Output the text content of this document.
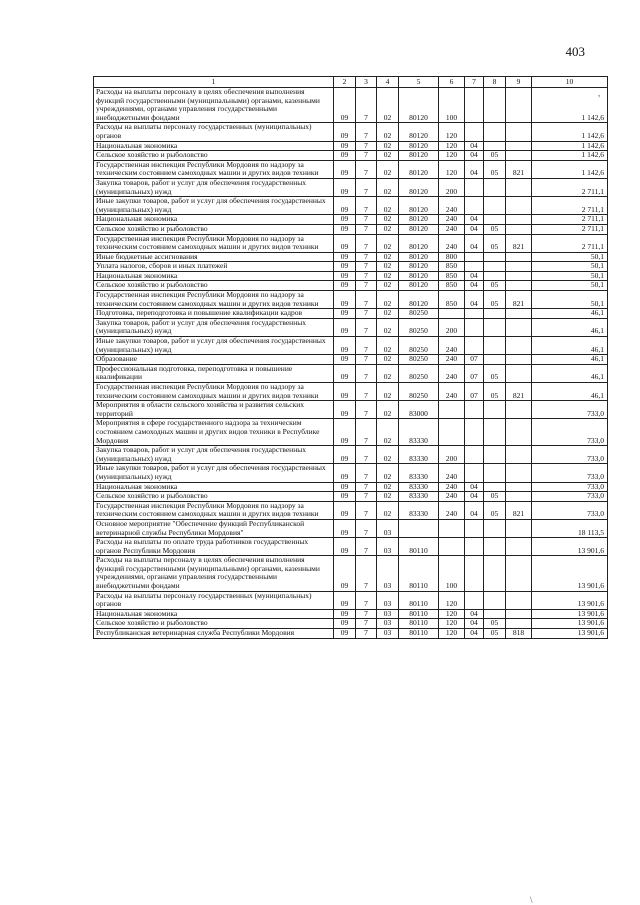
403
,
\
1	2	3	4	5	6	7	8	9	10
Расходы на выплаты персоналу в целях обеспечения выполнения функций государственными (муниципальными) органами, казенными учреждениями, органами управления государственными внебюджетными фондами	09	7	02	80120	100				1 142,6
Расходы на выплаты персоналу государственных (муниципальных) органов	09	7	02	80120	120				1 142,6
Национальная экономика	09	7	02	80120	120	04			1 142,6
Сельское хозяйство и рыболовство	09	7	02	80120	120	04	05		1 142,6
Государственная инспекция Республики Мордовия по надзору за техническим состоянием самоходных машин и других видов техники	09	7	02	80120	120	04	05	821	1 142,6
Закупка товаров, работ и услуг для обеспечения государственных (муниципальных) нужд	09	7	02	80120	200				2 711,1
Иные закупки товаров, работ и услуг для обеспечения государственных (муниципальных) нужд	09	7	02	80120	240				2 711,1
Национальная экономика	09	7	02	80120	240	04			2 711,1
Сельское хозяйство и рыболовство	09	7	02	80120	240	04	05		2 711,1
Государственная инспекция Республики Мордовия по надзору за техническим состоянием самоходных машин и других видов техники	09	7	02	80120	240	04	05	821	2 711,1
Иные бюджетные ассигнования	09	7	02	80120	800				50,1
Уплата налогов, сборов и иных платежей	09	7	02	80120	850				50,1
Национальная экономика	09	7	02	80120	850	04			50,1
Сельское хозяйство и рыболовство	09	7	02	80120	850	04	05		50,1
Государственная инспекция Республики Мордовия по надзору за техническим состоянием самоходных машин и других видов техники	09	7	02	80120	850	04	05	821	50,1
Подготовка, переподготовка и повышение квалификации кадров	09	7	02	80250					46,1
Закупка товаров, работ и услуг для обеспечения государственных (муниципальных) нужд	09	7	02	80250	200				46,1
Иные закупки товаров, работ и услуг для обеспечения государственных (муниципальных) нужд	09	7	02	80250	240				46,1
Образование	09	7	02	80250	240	07			46,1
Профессиональная подготовка, переподготовка и повышение квалификации	09	7	02	80250	240	07	05		46,1
Государственная инспекция Республики Мордовия по надзору за техническим состоянием самоходных машин и других видов техники	09	7	02	80250	240	07	05	821	46,1
Мероприятия в области сельского хозяйства и развития сельских территорий	09	7	02	83000					733,0
Мероприятия в сфере государственного надзора за техническим состоянием самоходных машин и других видов техники в Республике Мордовия	09	7	02	83330					733,0
Закупка товаров, работ и услуг для обеспечения государственных (муниципальных) нужд	09	7	02	83330	200				733,0
Иные закупки товаров, работ и услуг для обеспечения государственных (муниципальных) нужд	09	7	02	83330	240				733,0
Национальная экономика	09	7	02	83330	240	04			733,0
Сельское хозяйство и рыболовство	09	7	02	83330	240	04	05		733,0
Государственная инспекция Республики Мордовия по надзору за техническим состоянием самоходных машин и других видов техники	09	7	02	83330	240	04	05	821	733,0
Основное мероприятие "Обеспечение функций Республиканской ветеринарной службы Республики Мордовия"	09	7	03						18 113,5
Расходы на выплаты по оплате труда работников государственных органов Республики Мордовия	09	7	03	80110					13 901,6
Расходы на выплаты персоналу в целях обеспечения выполнения функций государственными (муниципальными) органами, казенными учреждениями, органами управления государственными внебюджетными фондами	09	7	03	80110	100				13 901,6
Расходы на выплаты персоналу государственных (муниципальных) органов	09	7	03	80110	120				13 901,6
Национальная экономика	09	7	03	80110	120	04			13 901,6
Сельское хозяйство и рыболовство	09	7	03	80110	120	04	05		13 901,6
Республиканская ветеринарная служба Республики Мордовия	09	7	03	80110	120	04	05	818	13 901,6
